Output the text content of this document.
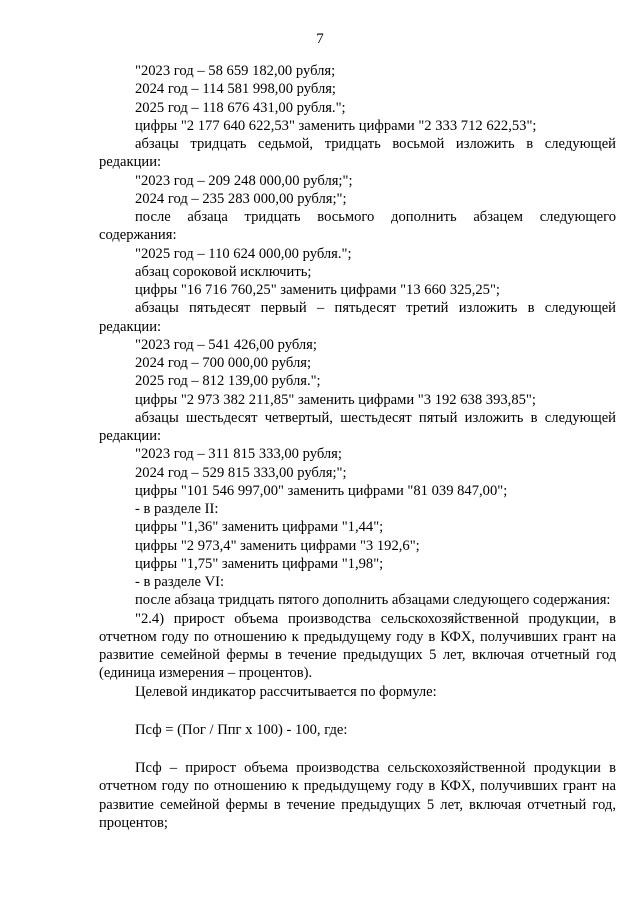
7

"2023 год – 58 659 182,00 рубля;

2024 год – 114 581 998,00 рубля;

2025 год – 118 676 431,00 рубля.";

цифры "2 177 640 622,53" заменить цифрами "2 333 712 622,53";

абзацы тридцать седьмой, тридцать восьмой изложить в следующей редакции:

"2023 год – 209 248 000,00 рубля;";

2024 год – 235 283 000,00 рубля;";

после абзаца тридцать восьмого дополнить абзацем следующего содержания:

"2025 год – 110 624 000,00 рубля.";

абзац сороковой исключить;

цифры "16 716 760,25" заменить цифрами "13 660 325,25";

абзацы пятьдесят первый – пятьдесят третий изложить в следующей редакции:

"2023 год – 541 426,00 рубля;

2024 год – 700 000,00 рубля;

2025 год – 812 139,00 рубля.";

цифры "2 973 382 211,85" заменить цифрами "3 192 638 393,85";

абзацы шестьдесят четвертый, шестьдесят пятый изложить в следующей редакции:

"2023 год – 311 815 333,00 рубля;

2024 год – 529 815 333,00 рубля;";

цифры "101 546 997,00" заменить цифрами "81 039 847,00";

- в разделе II:

цифры "1,36" заменить цифрами "1,44";

цифры "2 973,4" заменить цифрами "3 192,6";

цифры "1,75" заменить цифрами "1,98";

- в разделе VI:

после абзаца тридцать пятого дополнить абзацами следующего содержания:

"2.4) прирост объема производства сельскохозяйственной продукции, в отчетном году по отношению к предыдущему году в КФХ, получивших грант на развитие семейной фермы в течение предыдущих 5 лет, включая отчетный год (единица измерения – процентов).

Целевой индикатор рассчитывается по формуле:

Псф = (Пог / Ппг x 100) - 100, где:

Псф – прирост объема производства сельскохозяйственной продукции в отчетном году по отношению к предыдущему году в КФХ, получивших грант на развитие семейной фермы в течение предыдущих 5 лет, включая отчетный год, процентов;
